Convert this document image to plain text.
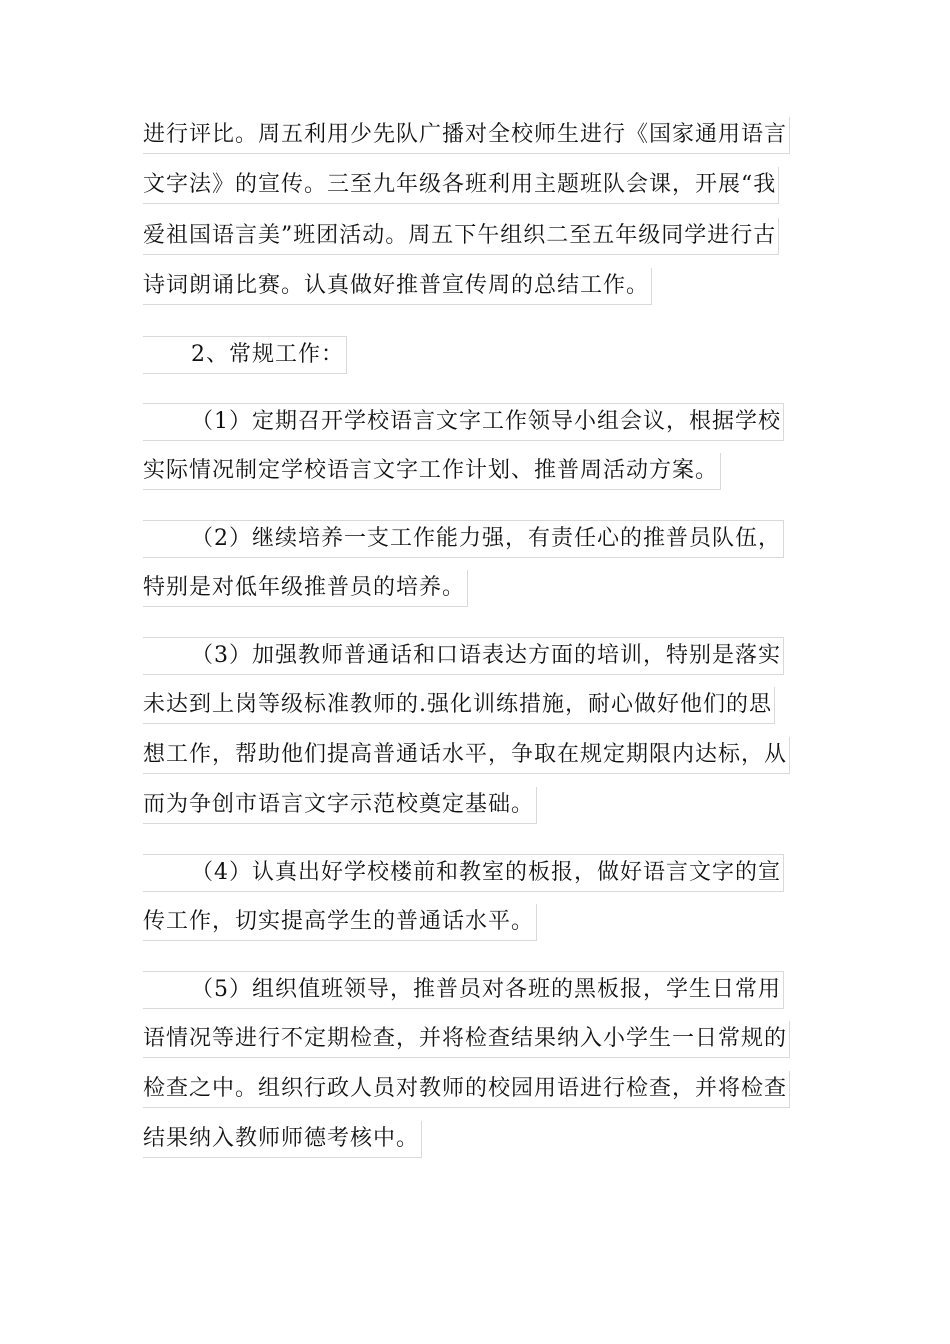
进行评比。周五利用少先队广播对全校师生进行《国家通用语言
文字法》的宣传。三至九年级各班利用主题班队会课，开展“我
爱祖国语言美”班团活动。周五下午组织二至五年级同学进行古
诗词朗诵比赛。认真做好推普宣传周的总结工作。
2、常规工作：
（1）定期召开学校语言文字工作领导小组会议，根据学校
实际情况制定学校语言文字工作计划、推普周活动方案。
（2）继续培养一支工作能力强，有责任心的推普员队伍，
特别是对低年级推普员的培养。
（3）加强教师普通话和口语表达方面的培训，特别是落实
未达到上岗等级标准教师的.强化训练措施，耐心做好他们的思
想工作，帮助他们提高普通话水平，争取在规定期限内达标，从
而为争创市语言文字示范校奠定基础。
（4）认真出好学校楼前和教室的板报，做好语言文字的宣
传工作，切实提高学生的普通话水平。
（5）组织值班领导，推普员对各班的黑板报，学生日常用
语情况等进行不定期检查，并将检查结果纳入小学生一日常规的
检查之中。组织行政人员对教师的校园用语进行检查，并将检查
结果纳入教师师德考核中。
